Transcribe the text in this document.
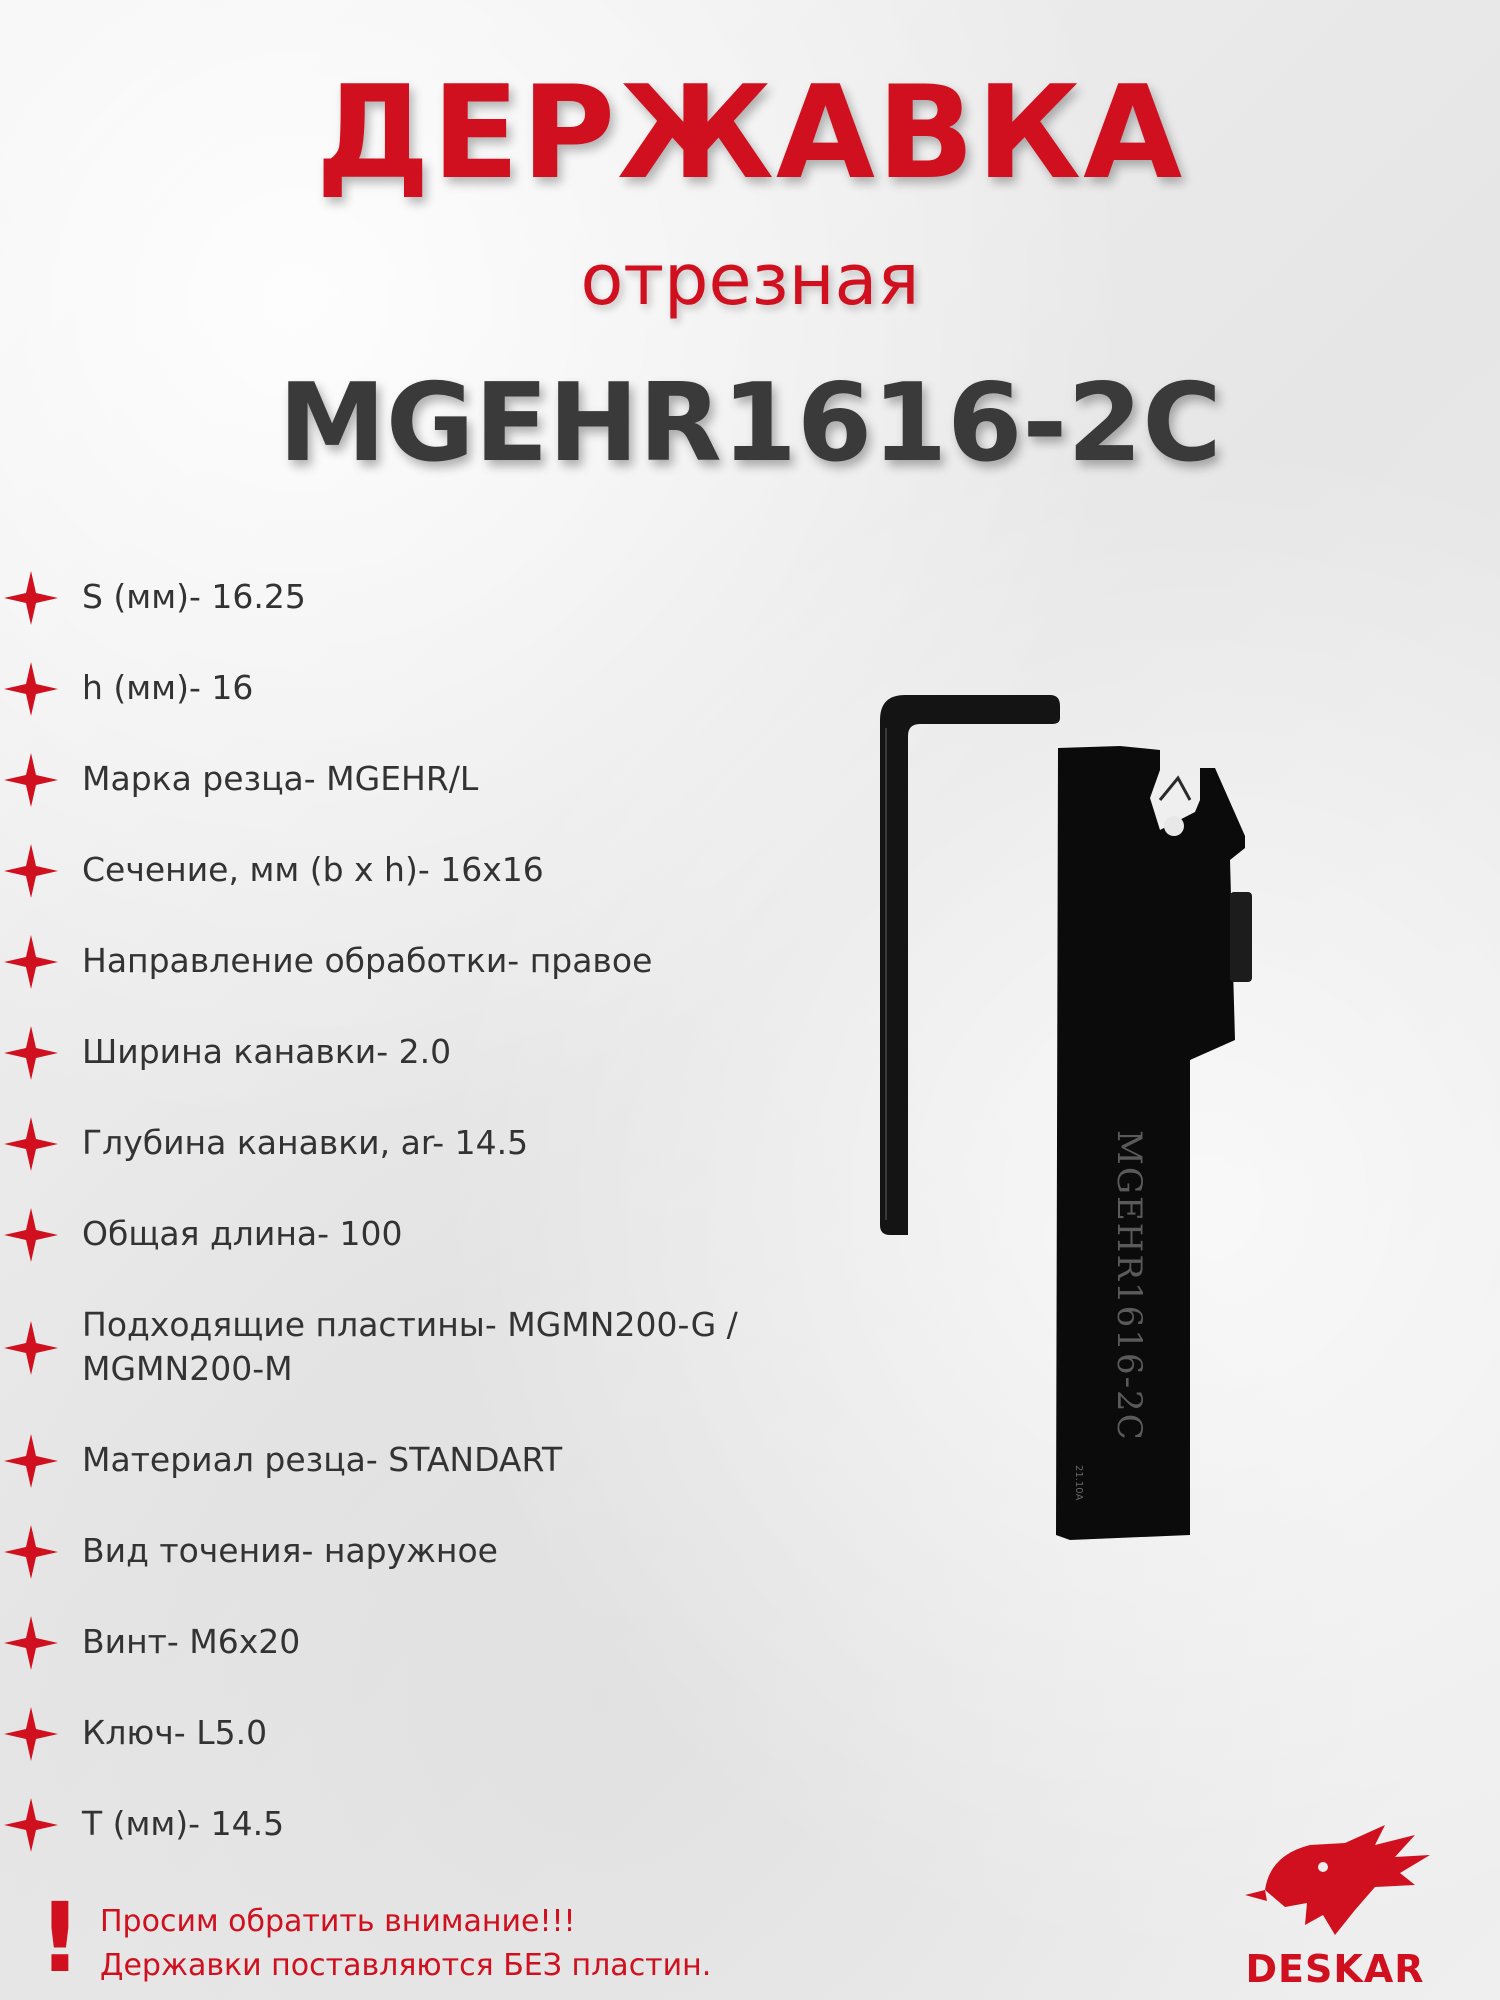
ДЕРЖАВКА
отрезная
MGEHR1616-2C
S (мм)- 16.25
h (мм)- 16
Марка резца- MGEHR/L
Сечение, мм (b x h)- 16x16
Направление обработки- правое
Ширина канавки- 2.0
Глубина канавки, ar- 14.5
Общая длина- 100
Подходящие пластины- MGMN200-G / MGMN200-M
Материал резца- STANDART
Вид точения- наружное
Винт- M6x20
Ключ- L5.0
T (мм)- 14.5
MGEHR1616-2C
21.10A
! Просим обратить внимание!!!
Державки поставляются БЕЗ пластин.	DESKAR
